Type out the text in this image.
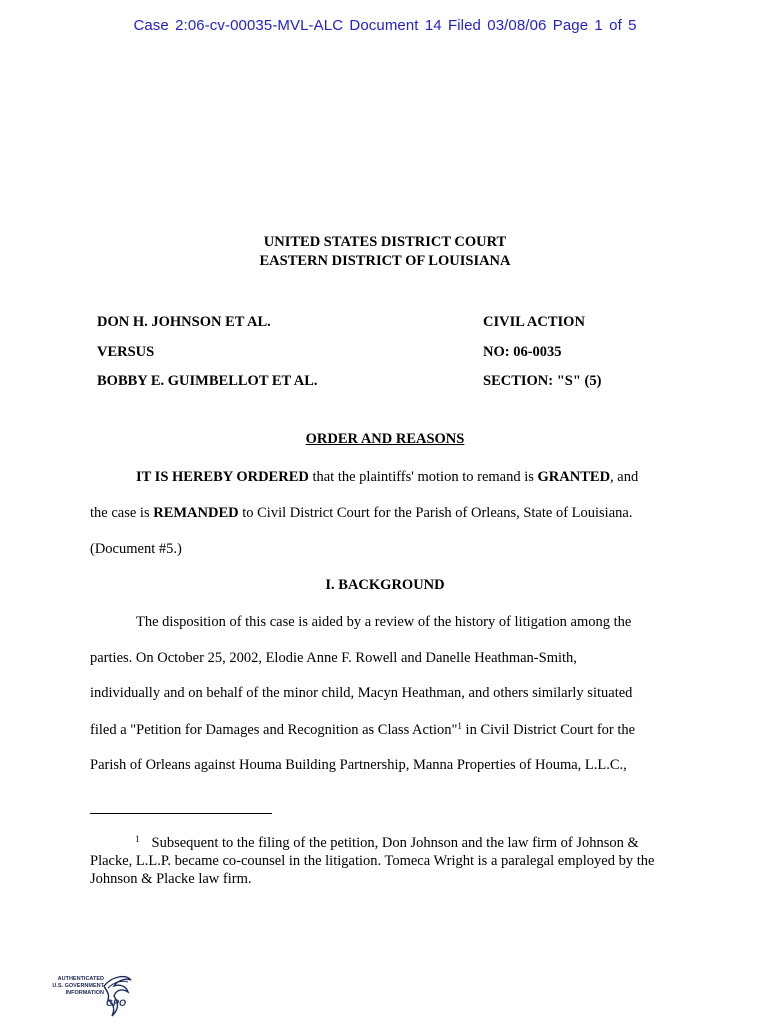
Case 2:06-cv-00035-MVL-ALC Document 14 Filed 03/08/06 Page 1 of 5
UNITED STATES DISTRICT COURT
EASTERN DISTRICT OF LOUISIANA
DON H. JOHNSON ET AL.
VERSUS
BOBBY E. GUIMBELLOT ET AL.
CIVIL ACTION
NO: 06-0035
SECTION: "S" (5)
ORDER AND REASONS
IT IS HEREBY ORDERED that the plaintiffs' motion to remand is GRANTED, and
the case is REMANDED to Civil District Court for the Parish of Orleans, State of Louisiana.
(Document #5.)
I. BACKGROUND
The disposition of this case is aided by a review of the history of litigation among the
parties. On October 25, 2002, Elodie Anne F. Rowell and Danelle Heathman-Smith,
individually and on behalf of the minor child, Macyn Heathman, and others similarly situated
filed a "Petition for Damages and Recognition as Class Action"$^1$ in Civil District Court for the
Parish of Orleans against Houma Building Partnership, Manna Properties of Houma, L.L.C.,
$^1$ Subsequent to the filing of the petition, Don Johnson and the law firm of Johnson & Placke, L.L.P. became co-counsel in the litigation. Tomeca Wright is a paralegal employed by the Johnson & Placke law firm.
AUTHENTICATED
U.S. GOVERNMENT
INFORMATION
GPO
